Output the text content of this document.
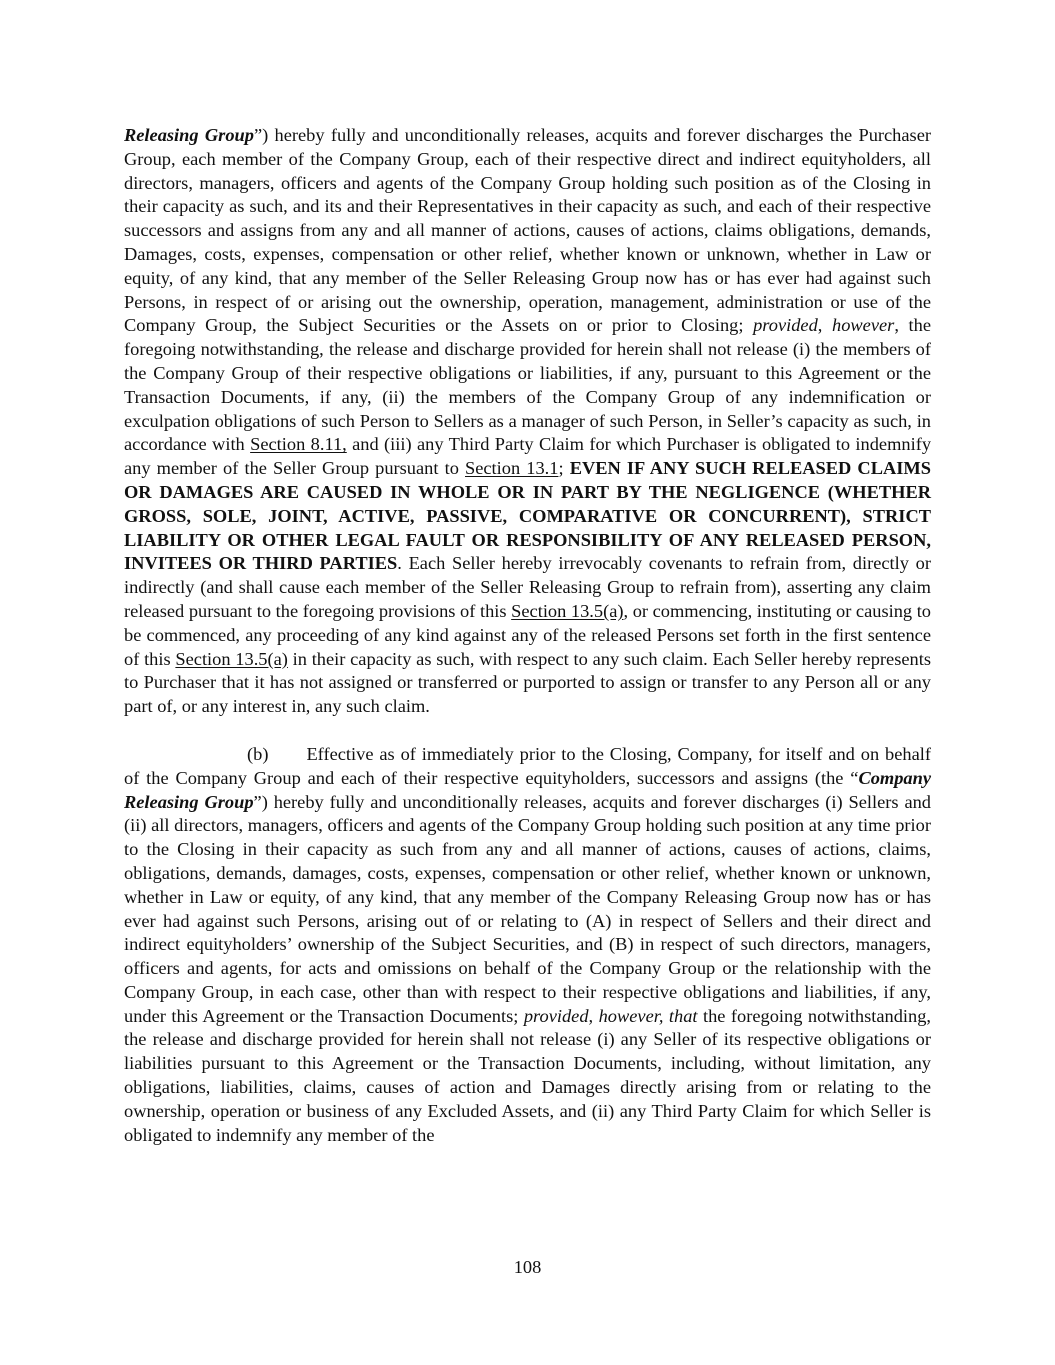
Releasing Group”) hereby fully and unconditionally releases, acquits and forever discharges the Purchaser Group, each member of the Company Group, each of their respective direct and indirect equityholders, all directors, managers, officers and agents of the Company Group holding such position as of the Closing in their capacity as such, and its and their Representatives in their capacity as such, and each of their respective successors and assigns from any and all manner of actions, causes of actions, claims obligations, demands, Damages, costs, expenses, compensation or other relief, whether known or unknown, whether in Law or equity, of any kind, that any member of the Seller Releasing Group now has or has ever had against such Persons, in respect of or arising out the ownership, operation, management, administration or use of the Company Group, the Subject Securities or the Assets on or prior to Closing; provided, however, the foregoing notwithstanding, the release and discharge provided for herein shall not release (i) the members of the Company Group of their respective obligations or liabilities, if any, pursuant to this Agreement or the Transaction Documents, if any, (ii) the members of the Company Group of any indemnification or exculpation obligations of such Person to Sellers as a manager of such Person, in Seller’s capacity as such, in accordance with Section 8.11, and (iii) any Third Party Claim for which Purchaser is obligated to indemnify any member of the Seller Group pursuant to Section 13.1; EVEN IF ANY SUCH RELEASED CLAIMS OR DAMAGES ARE CAUSED IN WHOLE OR IN PART BY THE NEGLIGENCE (WHETHER GROSS, SOLE, JOINT, ACTIVE, PASSIVE, COMPARATIVE OR CONCURRENT), STRICT LIABILITY OR OTHER LEGAL FAULT OR RESPONSIBILITY OF ANY RELEASED PERSON, INVITEES OR THIRD PARTIES. Each Seller hereby irrevocably covenants to refrain from, directly or indirectly (and shall cause each member of the Seller Releasing Group to refrain from), asserting any claim released pursuant to the foregoing provisions of this Section 13.5(a), or commencing, instituting or causing to be commenced, any proceeding of any kind against any of the released Persons set forth in the first sentence of this Section 13.5(a) in their capacity as such, with respect to any such claim. Each Seller hereby represents to Purchaser that it has not assigned or transferred or purported to assign or transfer to any Person all or any part of, or any interest in, any such claim.

(b) Effective as of immediately prior to the Closing, Company, for itself and on behalf of the Company Group and each of their respective equityholders, successors and assigns (the “Company Releasing Group”) hereby fully and unconditionally releases, acquits and forever discharges (i) Sellers and (ii) all directors, managers, officers and agents of the Company Group holding such position at any time prior to the Closing in their capacity as such from any and all manner of actions, causes of actions, claims, obligations, demands, damages, costs, expenses, compensation or other relief, whether known or unknown, whether in Law or equity, of any kind, that any member of the Company Releasing Group now has or has ever had against such Persons, arising out of or relating to (A) in respect of Sellers and their direct and indirect equityholders’ ownership of the Subject Securities, and (B) in respect of such directors, managers, officers and agents, for acts and omissions on behalf of the Company Group or the relationship with the Company Group, in each case, other than with respect to their respective obligations and liabilities, if any, under this Agreement or the Transaction Documents; provided, however, that the foregoing notwithstanding, the release and discharge provided for herein shall not release (i) any Seller of its respective obligations or liabilities pursuant to this Agreement or the Transaction Documents, including, without limitation, any obligations, liabilities, claims, causes of action and Damages directly arising from or relating to the ownership, operation or business of any Excluded Assets, and (ii) any Third Party Claim for which Seller is obligated to indemnify any member of the

108
